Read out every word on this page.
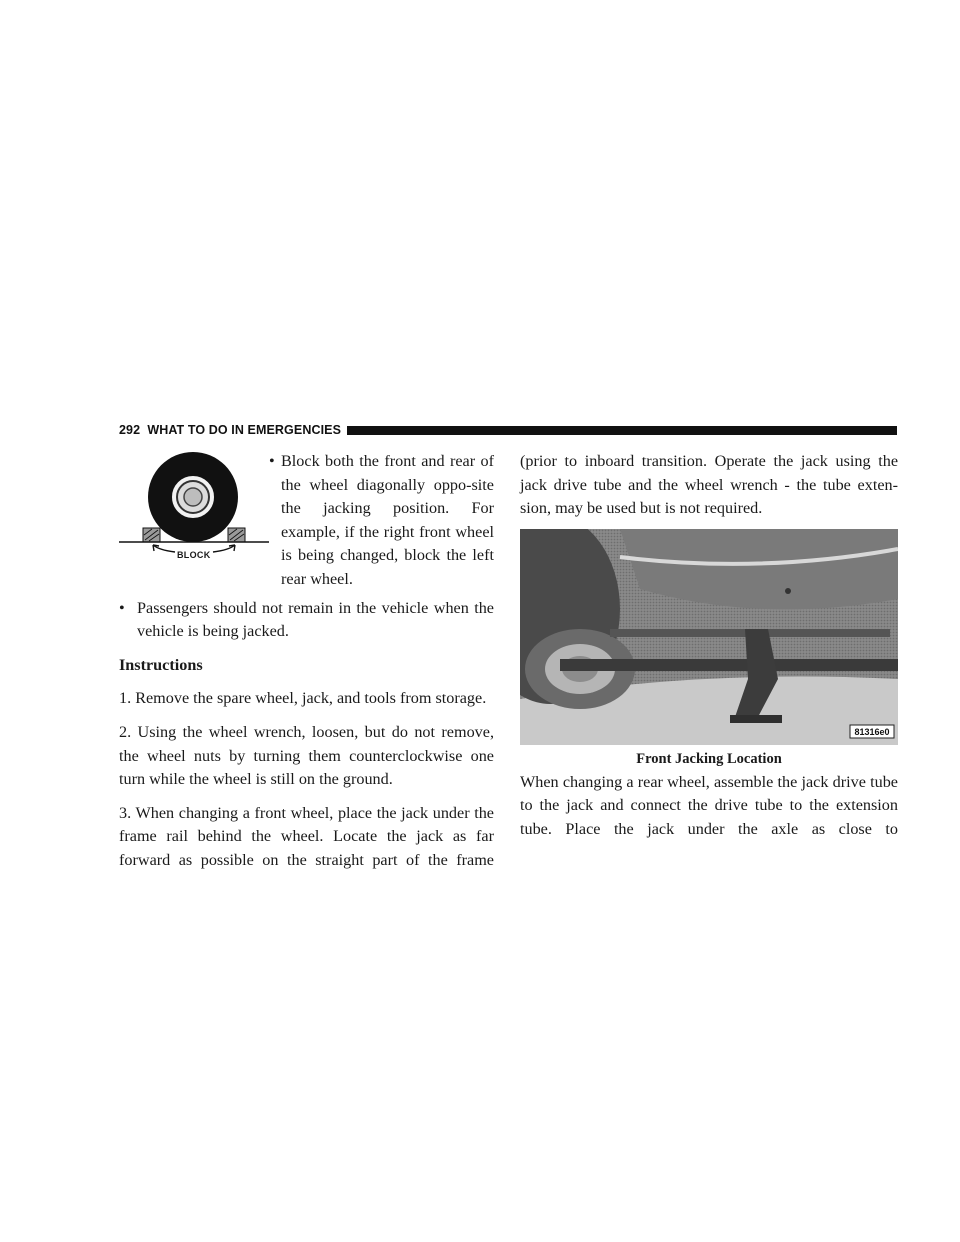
292 WHAT TO DO IN EMERGENCIES
BLOCK
• Block both the front and rear of the wheel diagonally oppo-site the jacking position. For example, if the right front wheel is being changed, block the left rear wheel.

• Passengers should not remain in the vehicle when the vehicle is being jacked.

Instructions

1. Remove the spare wheel, jack, and tools from storage.

2. Using the wheel wrench, loosen, but do not remove, the wheel nuts by turning them counterclockwise one turn while the wheel is still on the ground.

3. When changing a front wheel, place the jack under the frame rail behind the wheel. Locate the jack as far forward as possible on the straight part of the frame

(prior to inboard transition. Operate the jack using the jack drive tube and the wheel wrench - the tube exten-sion, may be used but is not required.

81316e0

Front Jacking Location

When changing a rear wheel, assemble the jack drive tube to the jack and connect the drive tube to the extension tube. Place the jack under the axle as close to
